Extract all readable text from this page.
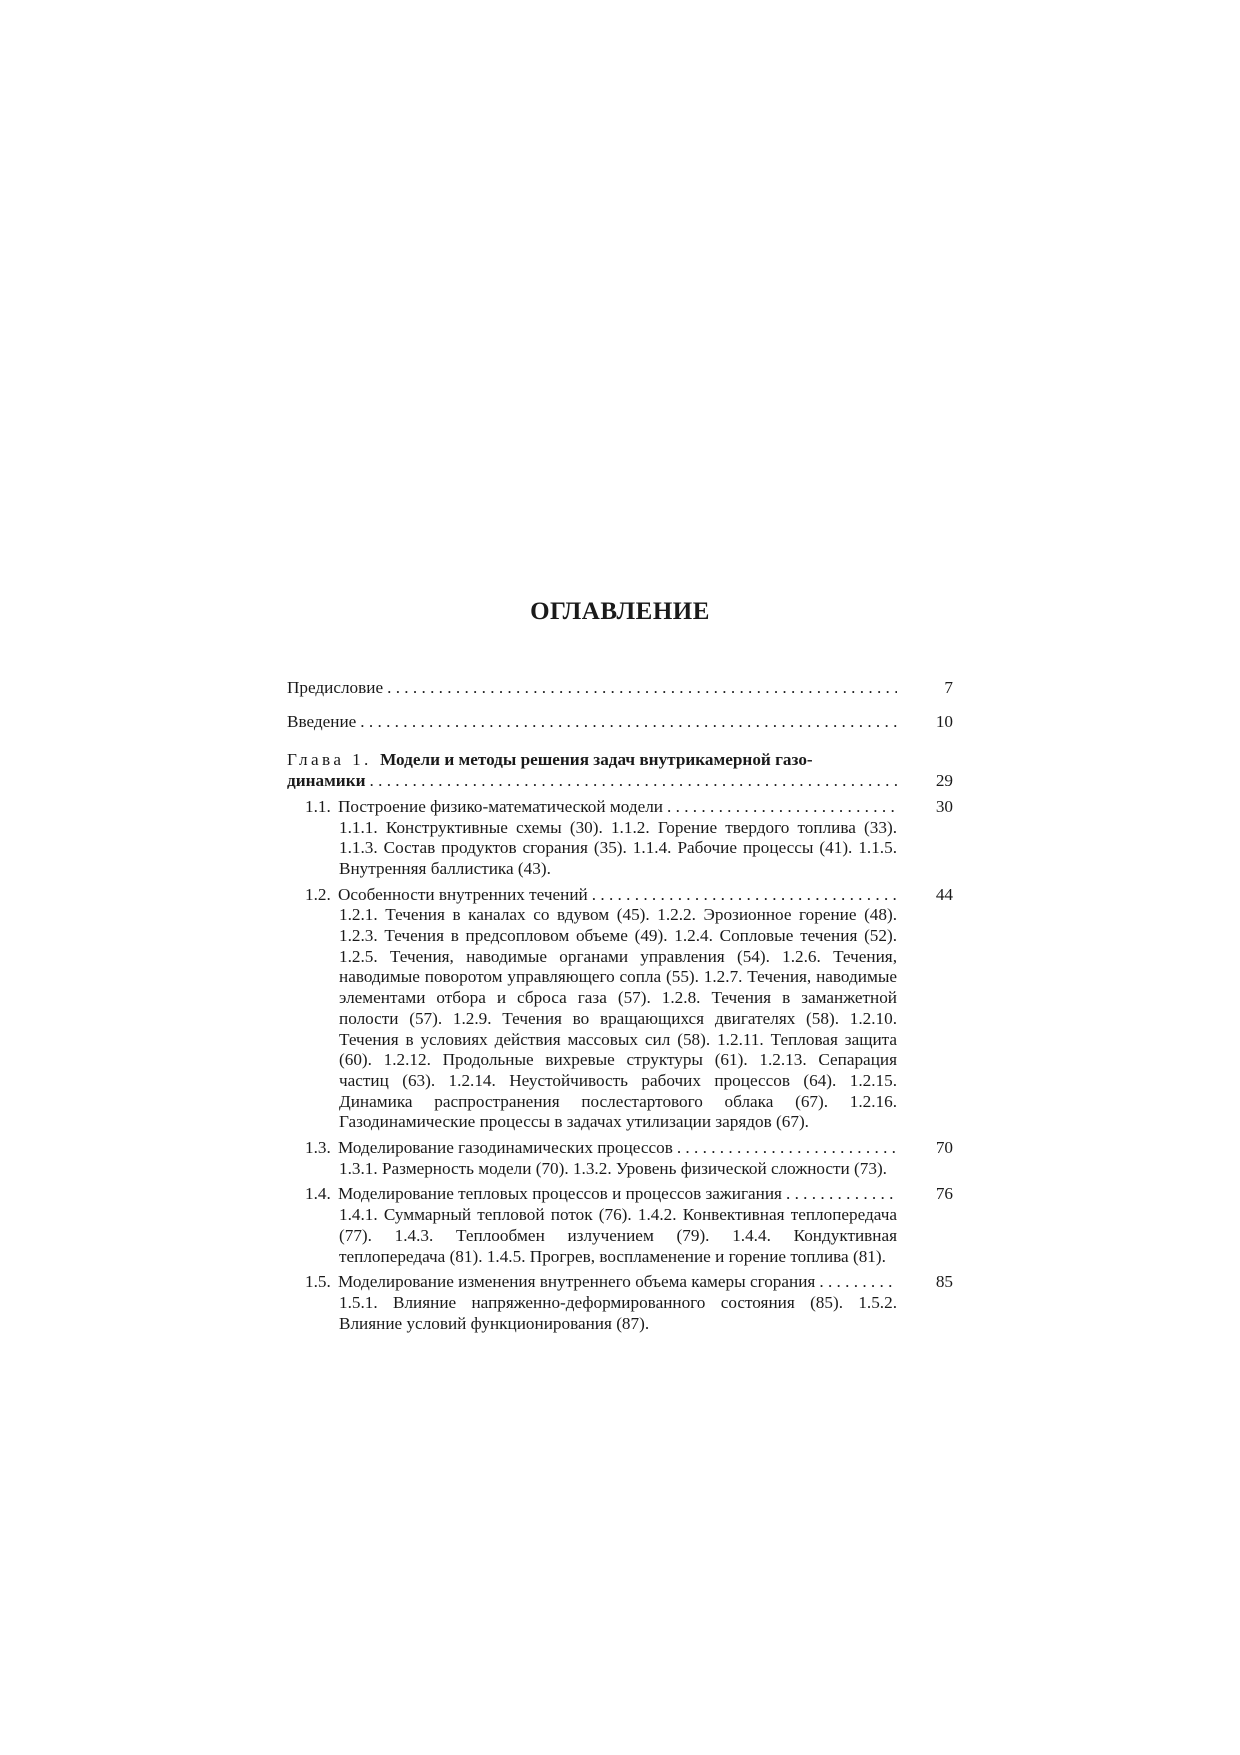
ОГЛАВЛЕНИЕ
Предисловие . . .	7
Введение . . .	10
Глава 1. Модели и методы решения задач внутрикамерной газо-
динамики . . .	29
1.1. Построение физико-математической модели . . .	30
1.1.1. Конструктивные схемы (30). 1.1.2. Горение твердого топлива (33). 1.1.3. Состав продуктов сгорания (35). 1.1.4. Рабочие процессы (41). 1.1.5. Внутренняя баллистика (43).
1.2. Особенности внутренних течений . . .	44
1.2.1. Течения в каналах со вдувом (45). 1.2.2. Эрозионное горение (48). 1.2.3. Течения в предсопловом объеме (49). 1.2.4. Сопловые течения (52). 1.2.5. Течения, наводимые органами управления (54). 1.2.6. Течения, наводимые поворотом управляющего сопла (55). 1.2.7. Течения, наводимые элементами отбора и сброса газа (57). 1.2.8. Течения в заманжетной полости (57). 1.2.9. Течения во вращающихся двигателях (58). 1.2.10. Течения в условиях действия массовых сил (58). 1.2.11. Тепловая защита (60). 1.2.12. Продольные вихревые структуры (61). 1.2.13. Сепарация частиц (63). 1.2.14. Неустойчивость рабочих процессов (64). 1.2.15. Динамика распространения послестартового облака (67). 1.2.16. Газодинамические процессы в задачах утилизации зарядов (67).
1.3. Моделирование газодинамических процессов . . .	70
1.3.1. Размерность модели (70). 1.3.2. Уровень физической сложности (73).
1.4. Моделирование тепловых процессов и процессов зажигания . . .	76
1.4.1. Суммарный тепловой поток (76). 1.4.2. Конвективная теплопередача (77). 1.4.3. Теплообмен излучением (79). 1.4.4. Кондуктивная теплопередача (81). 1.4.5. Прогрев, воспламенение и горение топлива (81).
1.5. Моделирование изменения внутреннего объема камеры сгорания . . .	85
1.5.1. Влияние напряженно-деформированного состояния (85). 1.5.2. Влияние условий функционирования (87).
